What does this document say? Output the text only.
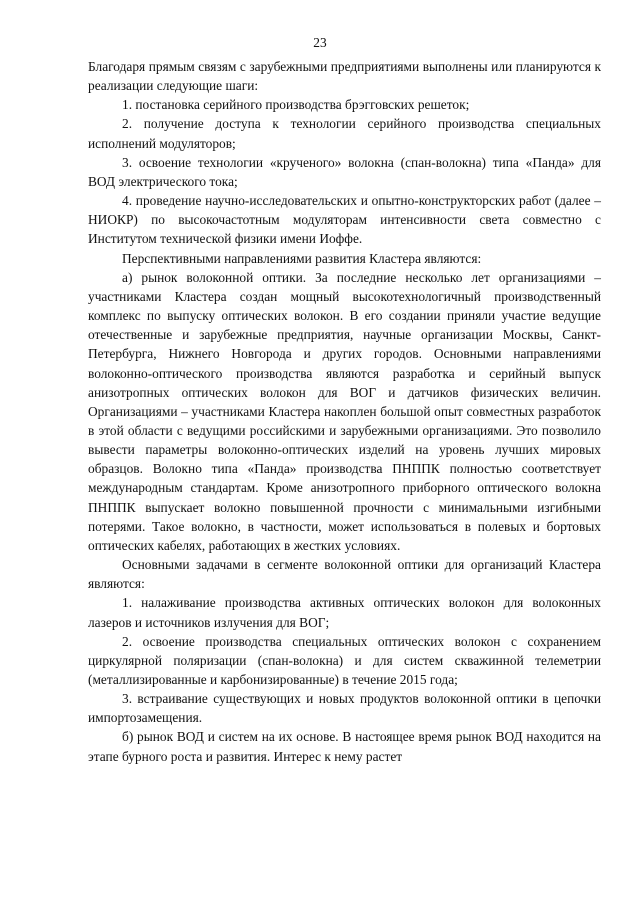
23

Благодаря прямым связям с зарубежными предприятиями выполнены или планируются к реализации следующие шаги:

1. постановка серийного производства брэгговских решеток;

2. получение доступа к технологии серийного производства специальных исполнений модуляторов;

3. освоение технологии «крученого» волокна (спан-волокна) типа «Панда» для ВОД электрического тока;

4. проведение научно-исследовательских и опытно-конструкторских работ (далее – НИОКР) по высокочастотным модуляторам интенсивности света совместно с Институтом технической физики имени Иоффе.

Перспективными направлениями развития Кластера являются:

а) рынок волоконной оптики. За последние несколько лет организациями – участниками Кластера создан мощный высокотехнологичный производственный комплекс по выпуску оптических волокон. В его создании приняли участие ведущие отечественные и зарубежные предприятия, научные организации Москвы, Санкт-Петербурга, Нижнего Новгорода и других городов. Основными направлениями волоконно-оптического производства являются разработка и серийный выпуск анизотропных оптических волокон для ВОГ и датчиков физических величин. Организациями – участниками Кластера накоплен большой опыт совместных разработок в этой области с ведущими российскими и зарубежными организациями. Это позволило вывести параметры волоконно-оптических изделий на уровень лучших мировых образцов. Волокно типа «Панда» производства ПНППК полностью соответствует международным стандартам. Кроме анизотропного приборного оптического волокна ПНППК выпускает волокно повышенной прочности с минимальными изгибными потерями. Такое волокно, в частности, может использоваться в полевых и бортовых оптических кабелях, работающих в жестких условиях.

Основными задачами в сегменте волоконной оптики для организаций Кластера являются:

1. налаживание производства активных оптических волокон для волоконных лазеров и источников излучения для ВОГ;

2. освоение производства специальных оптических волокон с сохранением циркулярной поляризации (спан-волокна) и для систем скважинной телеметрии (металлизированные и карбонизированные) в течение 2015 года;

3. встраивание существующих и новых продуктов волоконной оптики в цепочки импортозамещения.

б) рынок ВОД и систем на их основе. В настоящее время рынок ВОД находится на этапе бурного роста и развития. Интерес к нему растет
